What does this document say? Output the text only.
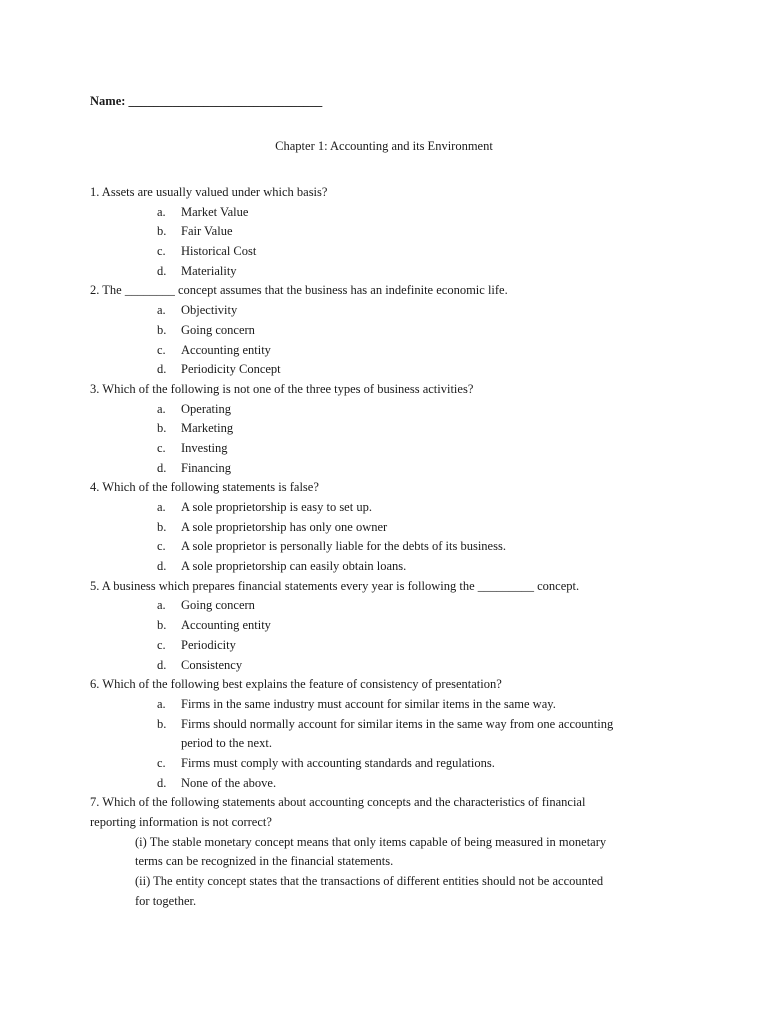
Name: _______________________________
Chapter 1: Accounting and its Environment
1. Assets are usually valued under which basis?
a.	Market Value
b.	Fair Value
c.	Historical Cost
d.	Materiality
2. The ________ concept assumes that the business has an indefinite economic life.
a.	Objectivity
b.	Going concern
c.	Accounting entity
d.	Periodicity Concept
3. Which of the following is not one of the three types of business activities?
a.	Operating
b.	Marketing
c.	Investing
d.	Financing
4. Which of the following statements is false?
a.	A sole proprietorship is easy to set up.
b.	A sole proprietorship has only one owner
c.	A sole proprietor is personally liable for the debts of its business.
d.	A sole proprietorship can easily obtain loans.
5. A business which prepares financial statements every year is following the _________ concept.
a.	Going concern
b.	Accounting entity
c.	Periodicity
d.	Consistency
6. Which of the following best explains the feature of consistency of presentation?
a.	Firms in the same industry must account for similar items in the same way.
b.	Firms should normally account for similar items in the same way from one accounting
period to the next.
c.	Firms must comply with accounting standards and regulations.
d.	None of the above.
7. Which of the following statements about accounting concepts and the characteristics of financial
reporting information is not correct?
(i) The stable monetary concept means that only items capable of being measured in monetary
terms can be recognized in the financial statements.
(ii) The entity concept states that the transactions of different entities should not be accounted
for together.
